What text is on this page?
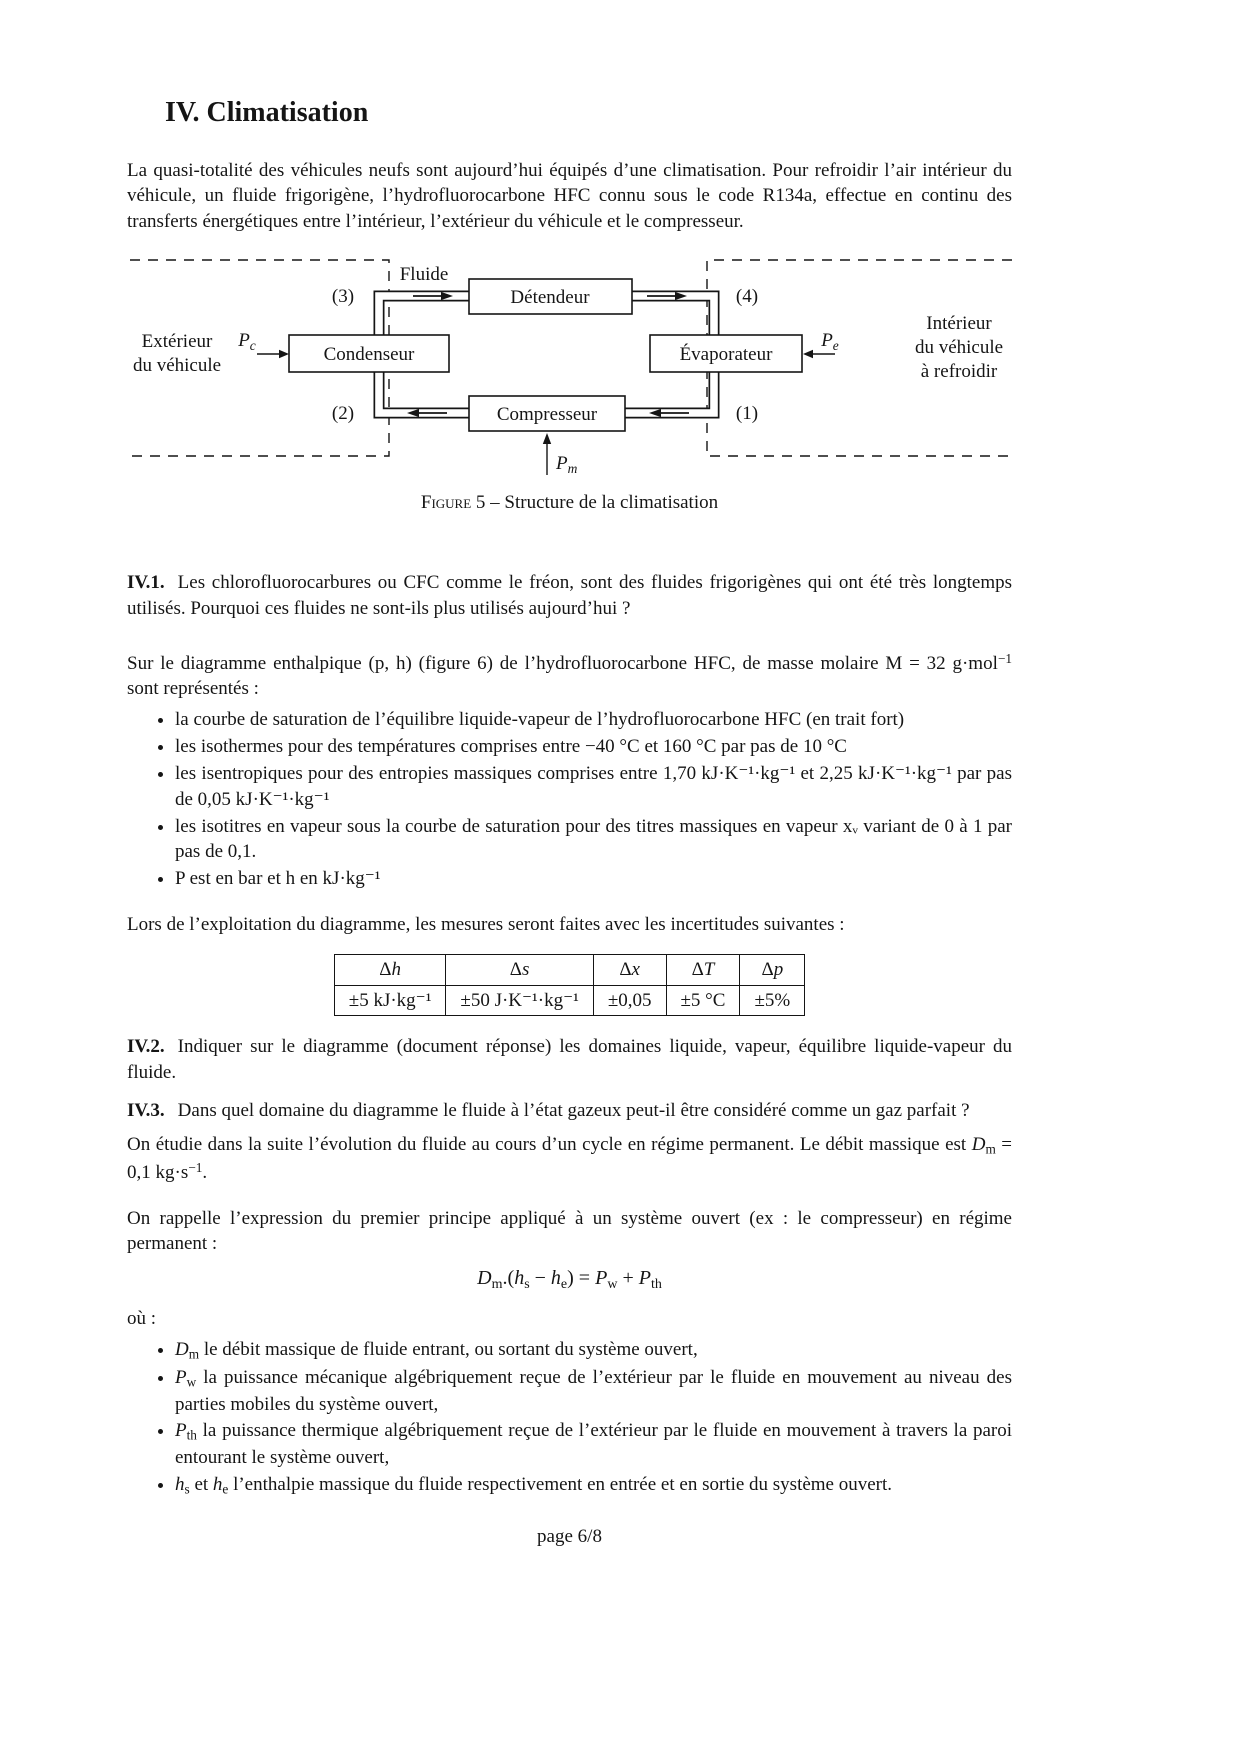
IV. Climatisation

La quasi-totalité des véhicules neufs sont aujourd’hui équipés d’une climatisation. Pour refroidir l’air intérieur du véhicule, un fluide frigorigène, l’hydrofluorocarbone HFC connu sous le code R134a, effectue en continu des transferts énergétiques entre l’intérieur, l’extérieur du véhicule et le compresseur.

Condenseur
Détendeur
Évaporateur
Compresseur
(3)	(4)
(2)	(1)
Fluide
Extérieur
du véhicule
Intérieur
du véhicule
à refroidir
$P_c$	$P_e$
$P_m$

Figure 5 – Structure de la climatisation

IV.1. Les chlorofluorocarbures ou CFC comme le fréon, sont des fluides frigorigènes qui ont été très longtemps utilisés. Pourquoi ces fluides ne sont-ils plus utilisés aujourd’hui ?

Sur le diagramme enthalpique (p, h) (figure 6) de l’hydrofluorocarbone HFC, de masse molaire M = 32 g·mol$^{-1}$ sont représentés :

• la courbe de saturation de l’équilibre liquide-vapeur de l’hydrofluorocarbone HFC (en trait fort)
• les isothermes pour des températures comprises entre −40 °C et 160 °C par pas de 10 °C
• les isentropiques pour des entropies massiques comprises entre 1,70 kJ·K⁻¹·kg⁻¹ et 2,25 kJ·K⁻¹·kg⁻¹ par pas de 0,05 kJ·K⁻¹·kg⁻¹
• les isotitres en vapeur sous la courbe de saturation pour des titres massiques en vapeur xᵥ variant de 0 à 1 par pas de 0,1.
• P est en bar et h en kJ·kg⁻¹

Lors de l’exploitation du diagramme, les mesures seront faites avec les incertitudes suivantes :

Δh	Δs	Δx	ΔT	Δp
±5 kJ·kg⁻¹	±50 J·K⁻¹·kg⁻¹	±0,05	±5 °C	±5%

IV.2. Indiquer sur le diagramme (document réponse) les domaines liquide, vapeur, équilibre liquide-vapeur du fluide.

IV.3. Dans quel domaine du diagramme le fluide à l’état gazeux peut-il être considéré comme un gaz parfait ?

On étudie dans la suite l’évolution du fluide au cours d’un cycle en régime permanent. Le débit massique est $D_m = 0,1$ $kg\cdot s^{-1}$.

On rappelle l’expression du premier principe appliqué à un système ouvert (ex : le compresseur) en régime permanent :

$D_m.(h_s - h_e) = P_w + P_{th}$

où :

• $D_m$ le débit massique de fluide entrant, ou sortant du système ouvert,
• $P_w$ la puissance mécanique algébriquement reçue de l’extérieur par le fluide en mouvement au niveau des parties mobiles du système ouvert,
• $P_{th}$ la puissance thermique algébriquement reçue de l’extérieur par le fluide en mouvement à travers la paroi entourant le système ouvert,
• $h_s$ et $h_e$ l’enthalpie massique du fluide respectivement en entrée et en sortie du système ouvert.
page 6/8
